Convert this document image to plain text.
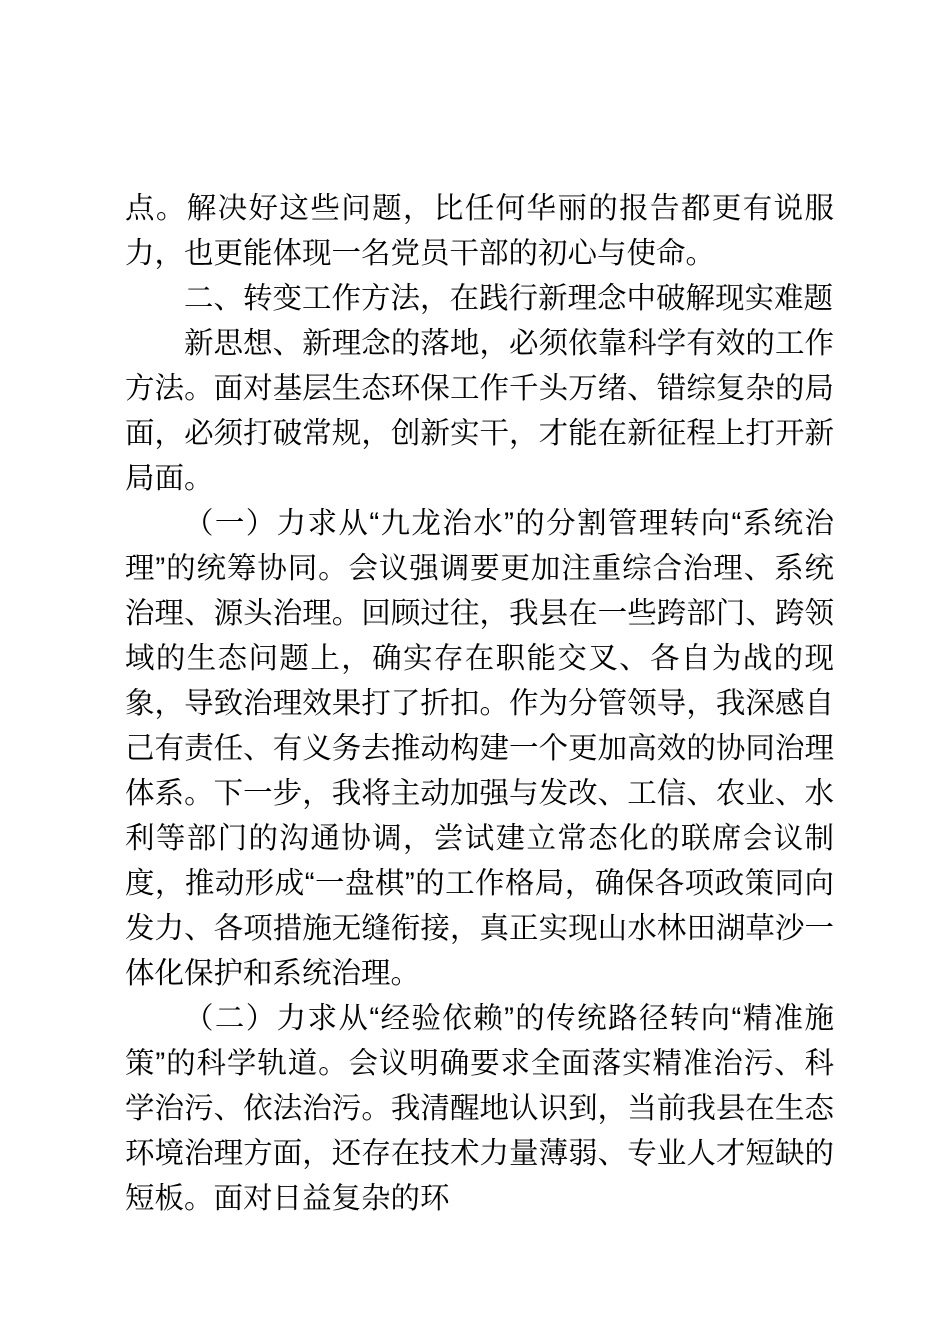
点。解决好这些问题，比任何华丽的报告都更有说服力，也更能体现一名党员干部的初心与使命。

二、转变工作方法，在践行新理念中破解现实难题

新思想、新理念的落地，必须依靠科学有效的工作方法。面对基层生态环保工作千头万绪、错综复杂的局面，必须打破常规，创新实干，才能在新征程上打开新局面。

（一）力求从“九龙治水”的分割管理转向“系统治理”的统筹协同。会议强调要更加注重综合治理、系统治理、源头治理。回顾过往，我县在一些跨部门、跨领域的生态问题上，确实存在职能交叉、各自为战的现象，导致治理效果打了折扣。作为分管领导，我深感自己有责任、有义务去推动构建一个更加高效的协同治理体系。下一步，我将主动加强与发改、工信、农业、水利等部门的沟通协调，尝试建立常态化的联席会议制度，推动形成“一盘棋”的工作格局，确保各项政策同向发力、各项措施无缝衔接，真正实现山水林田湖草沙一体化保护和系统治理。

（二）力求从“经验依赖”的传统路径转向“精准施策”的科学轨道。会议明确要求全面落实精准治污、科学治污、依法治污。我清醒地认识到，当前我县在生态环境治理方面，还存在技术力量薄弱、专业人才短缺的短板。面对日益复杂的环
